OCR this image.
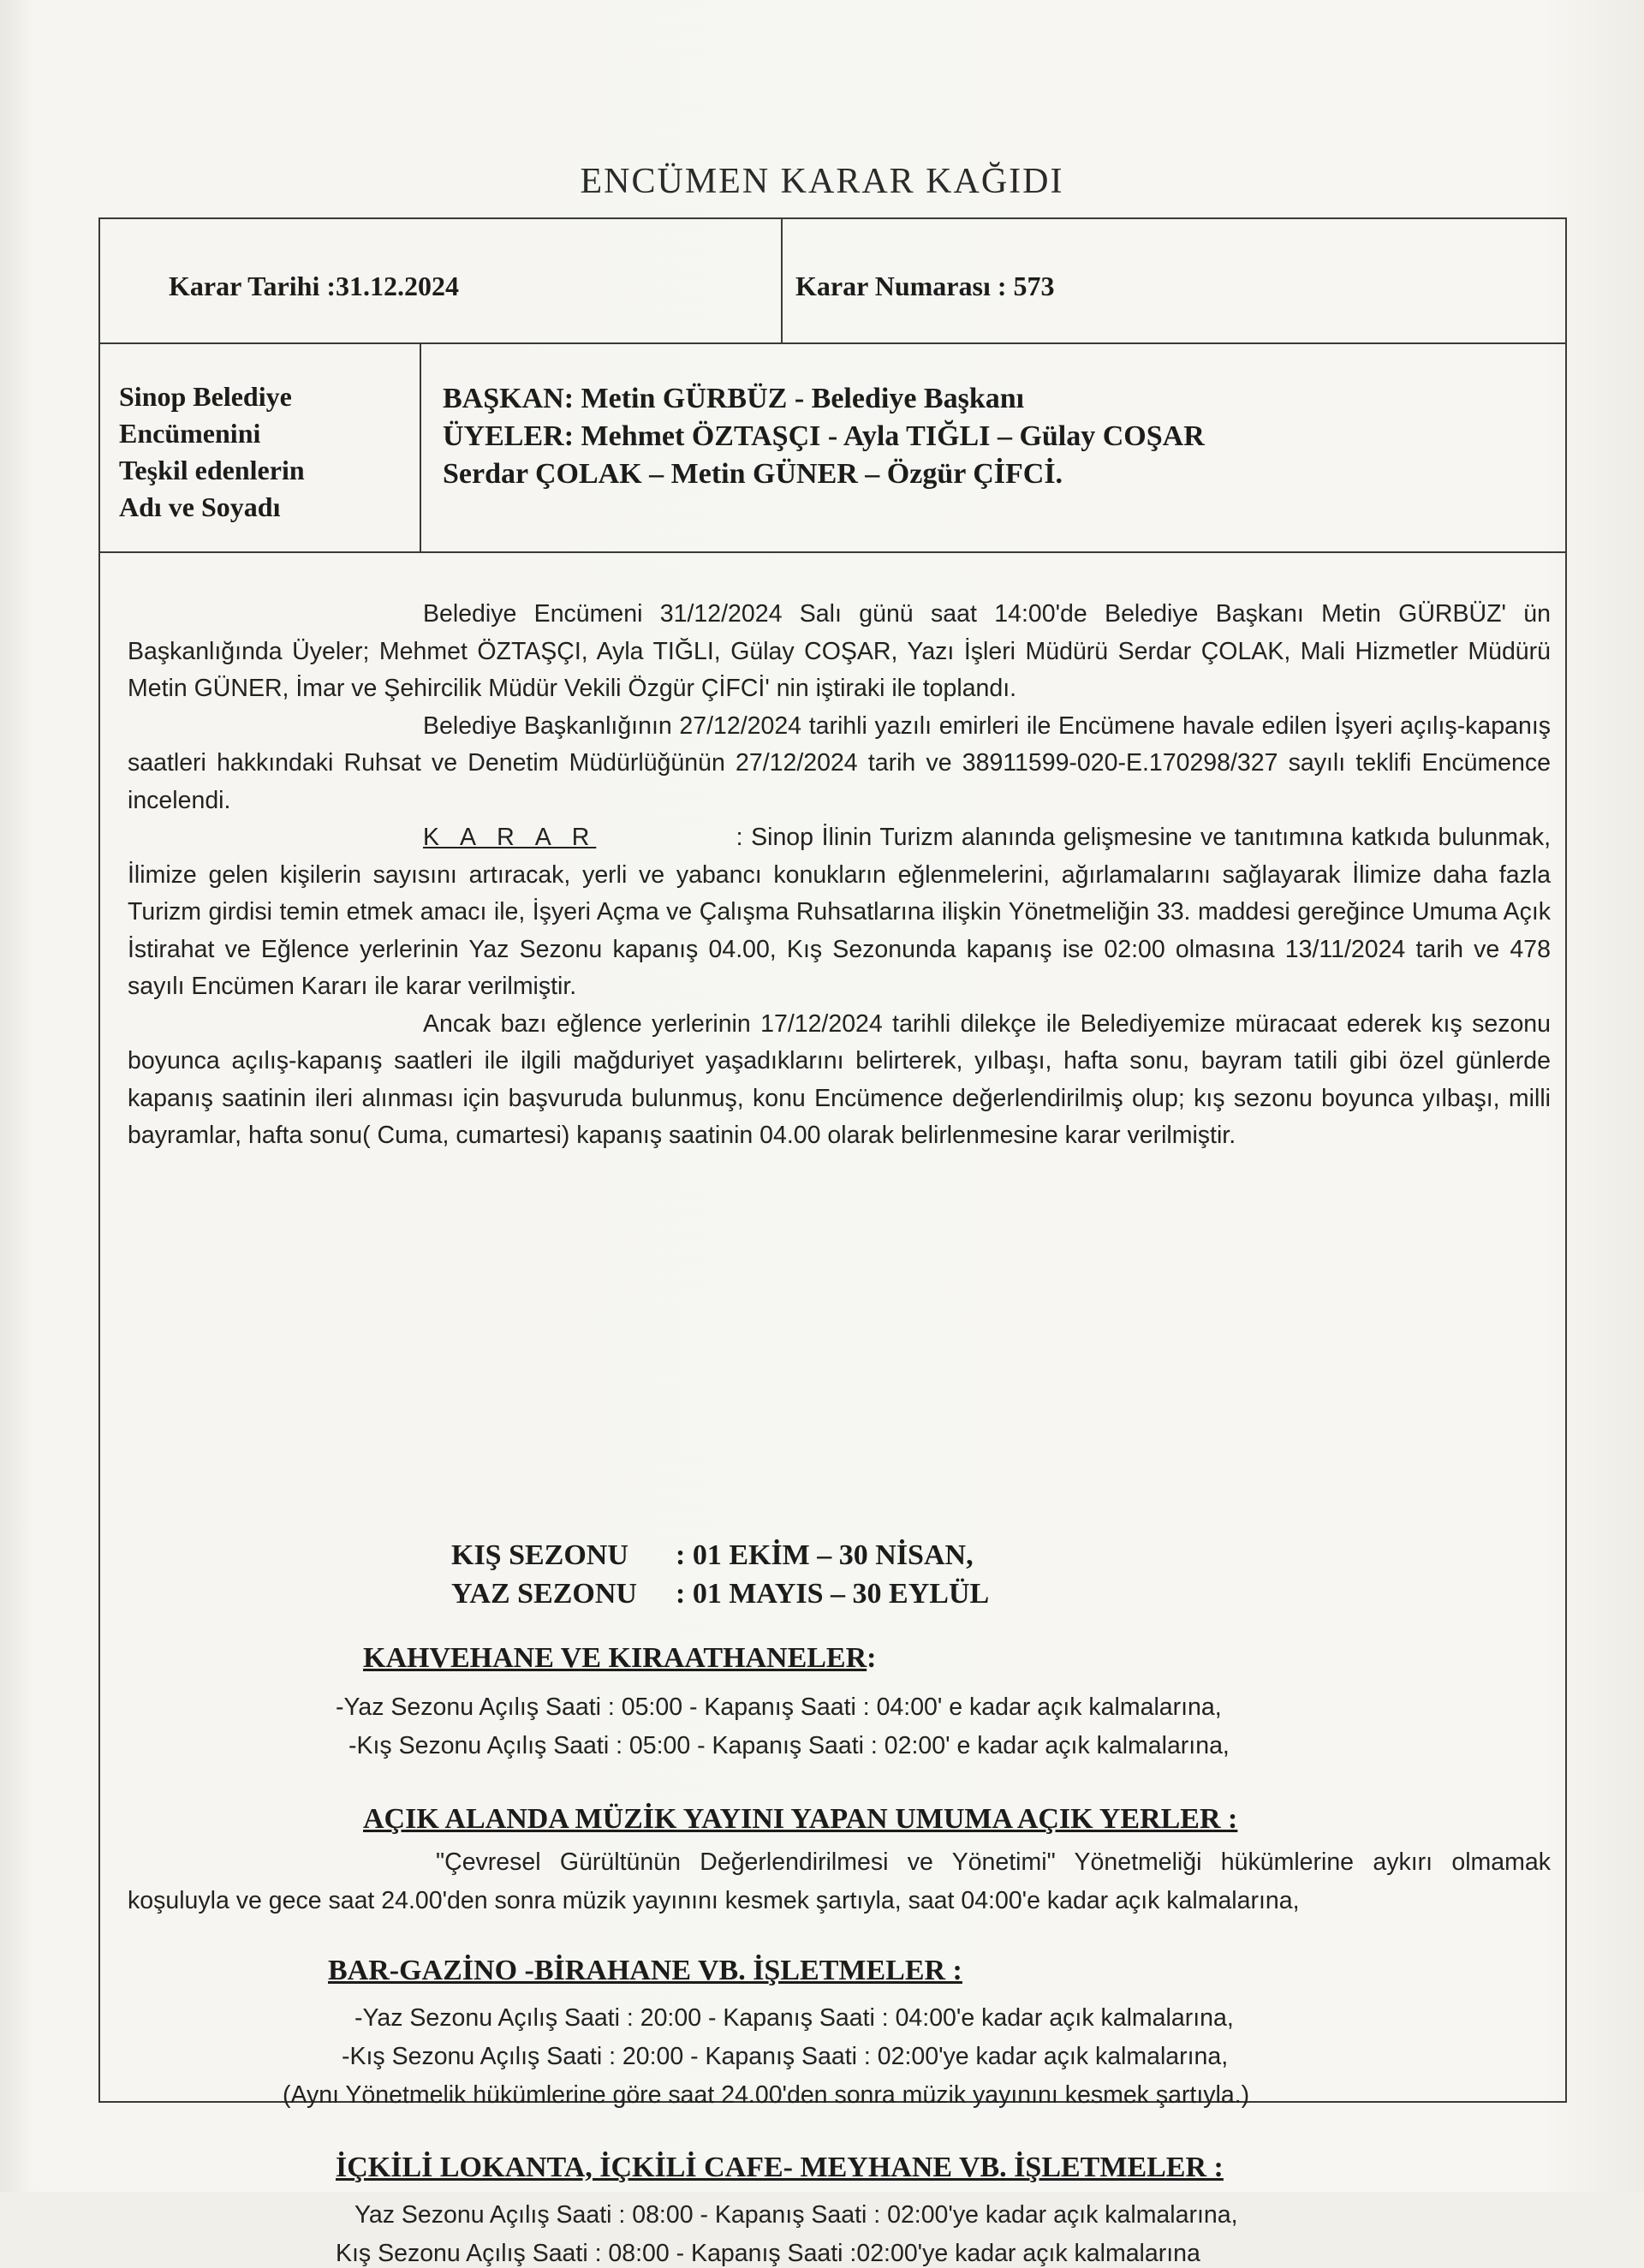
ENCÜMEN KARAR KAĞIDI
Karar Tarihi :31.12.2024	Karar Numarası : 573
Sinop Belediye
Encümenini
Teşkil edenlerin
Adı ve Soyadı
BAŞKAN: Metin GÜRBÜZ - Belediye Başkanı
ÜYELER: Mehmet ÖZTAŞÇI - Ayla TIĞLI – Gülay COŞAR
Serdar ÇOLAK – Metin GÜNER – Özgür ÇİFCİ.

Belediye Encümeni 31/12/2024 Salı günü saat 14:00'de Belediye Başkanı Metin GÜRBÜZ' ün Başkanlığında Üyeler; Mehmet ÖZTAŞÇI, Ayla TIĞLI, Gülay COŞAR, Yazı İşleri Müdürü Serdar ÇOLAK, Mali Hizmetler Müdürü Metin GÜNER, İmar ve Şehircilik Müdür Vekili Özgür ÇİFCİ' nin iştiraki ile toplandı.

Belediye Başkanlığının 27/12/2024 tarihli yazılı emirleri ile Encümene havale edilen İşyeri açılış-kapanış saatleri hakkındaki Ruhsat ve Denetim Müdürlüğünün 27/12/2024 tarih ve 38911599-020-E.170298/327 sayılı teklifi Encümence incelendi.

K A R A R	: Sinop İlinin Turizm alanında gelişmesine ve tanıtımına katkıda bulunmak, İlimize gelen kişilerin sayısını artıracak, yerli ve yabancı konukların eğlenmelerini, ağırlamalarını sağlayarak İlimize daha fazla Turizm girdisi temin etmek amacı ile, İşyeri Açma ve Çalışma Ruhsatlarına ilişkin Yönetmeliğin 33. maddesi gereğince Umuma Açık İstirahat ve Eğlence yerlerinin Yaz Sezonu kapanış 04.00, Kış Sezonunda kapanış ise 02:00 olmasına 13/11/2024 tarih ve 478 sayılı Encümen Kararı ile karar verilmiştir.

Ancak bazı eğlence yerlerinin 17/12/2024 tarihli dilekçe ile Belediyemize müracaat ederek kış sezonu boyunca açılış-kapanış saatleri ile ilgili mağduriyet yaşadıklarını belirterek, yılbaşı, hafta sonu, bayram tatili gibi özel günlerde kapanış saatinin ileri alınması için başvuruda bulunmuş, konu Encümence değerlendirilmiş olup; kış sezonu boyunca yılbaşı, milli bayramlar, hafta sonu( Cuma, cumartesi) kapanış saatinin 04.00 olarak belirlenmesine karar verilmiştir.

KIŞ SEZONU : 01 EKİM – 30 NİSAN,
YAZ SEZONU : 01 MAYIS – 30 EYLÜL
KAHVEHANE VE KIRAATHANELER:
-Yaz Sezonu Açılış Saati : 05:00 - Kapanış Saati : 04:00' e kadar açık kalmalarına,
-Kış Sezonu Açılış Saati : 05:00 - Kapanış Saati : 02:00' e kadar açık kalmalarına,
AÇIK ALANDA MÜZİK YAYINI YAPAN UMUMA AÇIK YERLER :

"Çevresel Gürültünün Değerlendirilmesi ve Yönetimi" Yönetmeliği hükümlerine aykırı olmamak koşuluyla ve gece saat 24.00'den sonra müzik yayınını kesmek şartıyla, saat 04:00'e kadar açık kalmalarına,

BAR-GAZİNO -BİRAHANE VB. İŞLETMELER :
-Yaz Sezonu Açılış Saati : 20:00 - Kapanış Saati : 04:00'e kadar açık kalmalarına,
-Kış Sezonu Açılış Saati : 20:00 - Kapanış Saati : 02:00'ye kadar açık kalmalarına,
(Aynı Yönetmelik hükümlerine göre saat 24.00'den sonra müzik yayınını kesmek şartıyla.)
İÇKİLİ LOKANTA, İÇKİLİ CAFE- MEYHANE VB. İŞLETMELER :
Yaz Sezonu Açılış Saati : 08:00 - Kapanış Saati : 02:00'ye kadar açık kalmalarına,
Kış Sezonu Açılış Saati : 08:00 - Kapanış Saati :02:00'ye kadar açık kalmalarına
